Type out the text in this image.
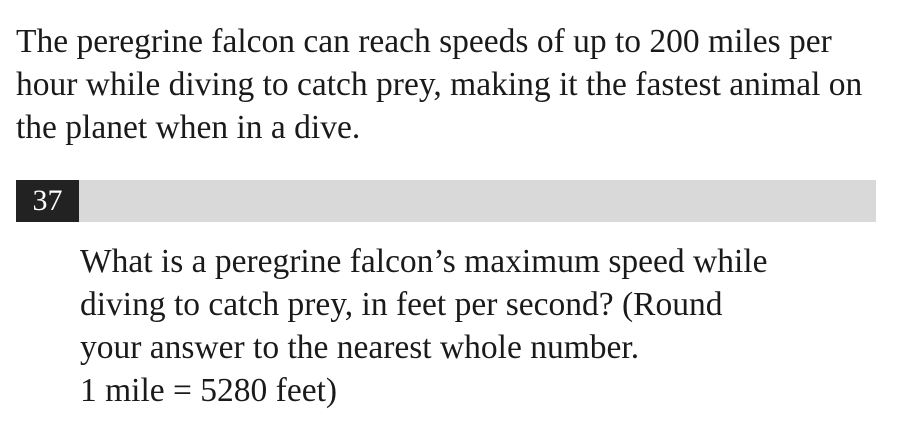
The peregrine falcon can reach speeds of up to 200 miles per hour while diving to catch prey, making it the fastest animal on the planet when in a dive.

37
What is a peregrine falcon’s maximum speed while
diving to catch prey, in feet per second? (Round
your answer to the nearest whole number.
1 mile = 5280 feet)
